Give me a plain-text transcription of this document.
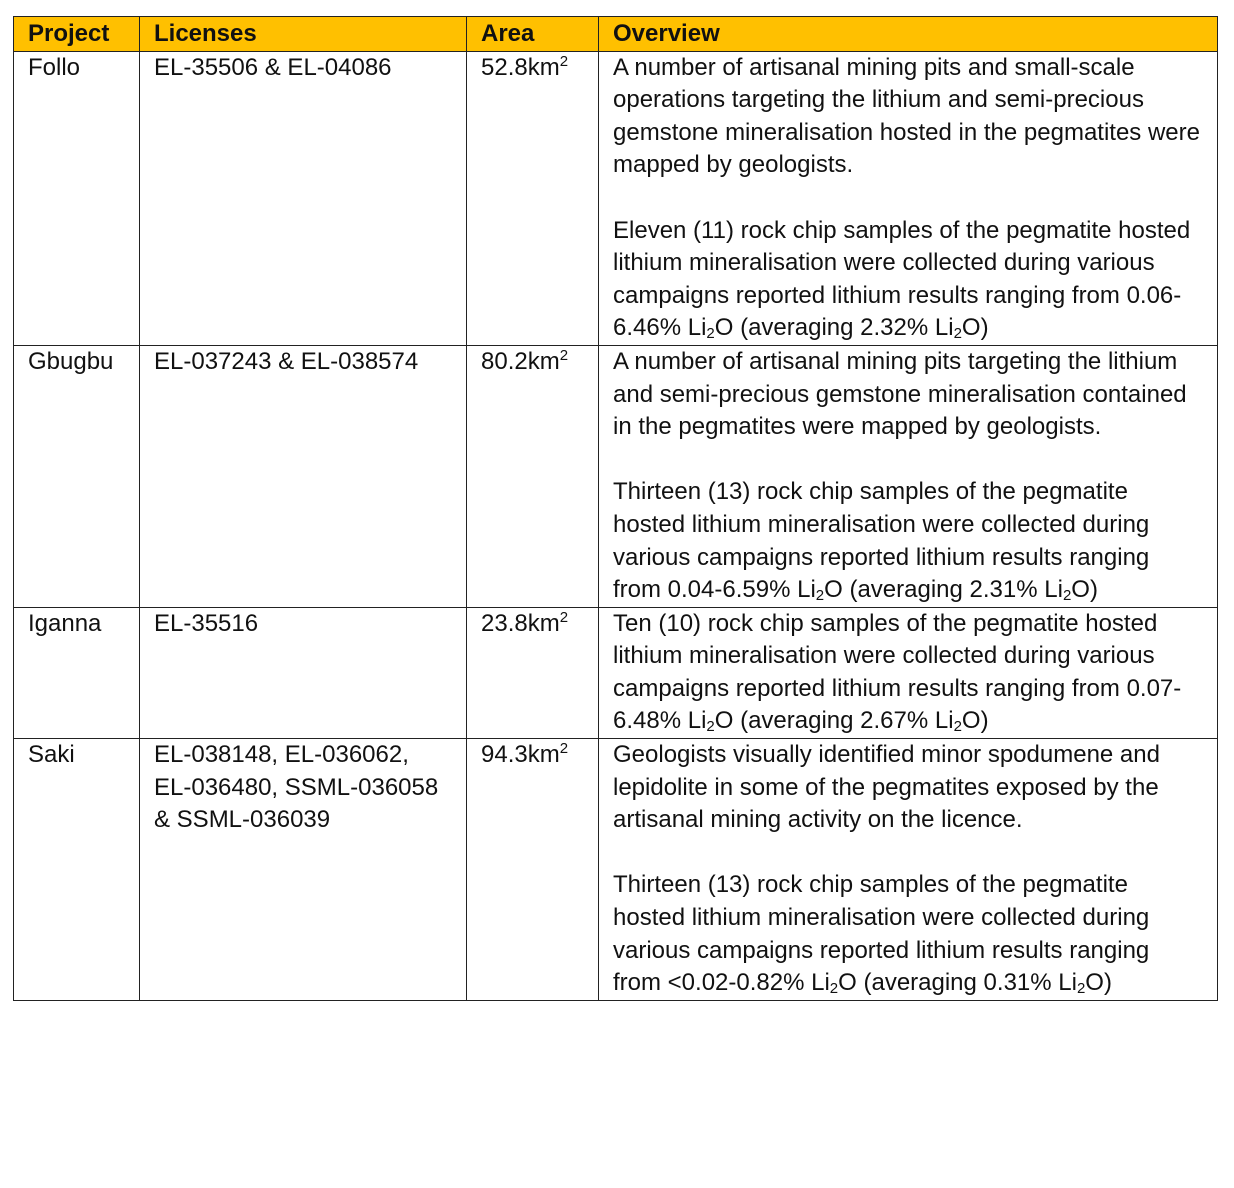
Project	Licenses	Area	Overview
Follo	EL-35506 & EL-04086	$52.8km^2$	A number of artisanal mining pits and small-scale operations targeting the lithium and semi-precious gemstone mineralisation hosted in the pegmatites were mapped by geologists.

Eleven (11) rock chip samples of the pegmatite hosted lithium mineralisation were collected during various campaigns reported lithium results ranging from 0.06-6.46% $Li_2O$ (averaging 2.32% $Li_2O$)

Gbugbu	EL-037243 & EL-038574	$80.2km^2$	A number of artisanal mining pits targeting the lithium and semi-precious gemstone mineralisation contained in the pegmatites were mapped by geologists.

Thirteen (13) rock chip samples of the pegmatite hosted lithium mineralisation were collected during various campaigns reported lithium results ranging from 0.04-6.59% $Li_2O$ (averaging 2.31% $Li_2O$)

Iganna	EL-35516	$23.8km^2$	Ten (10) rock chip samples of the pegmatite hosted lithium mineralisation were collected during various campaigns reported lithium results ranging from 0.07-6.48% $Li_2O$ (averaging 2.67% $Li_2O$)

Saki	EL-038148, EL-036062, EL-036480, SSML-036058 & SSML-036039	$94.3km^2$	Geologists visually identified minor spodumene and lepidolite in some of the pegmatites exposed by the artisanal mining activity on the licence.

Thirteen (13) rock chip samples of the pegmatite hosted lithium mineralisation were collected during various campaigns reported lithium results ranging from <0.02-0.82% $Li_2O$ (averaging 0.31% $Li_2O$)
